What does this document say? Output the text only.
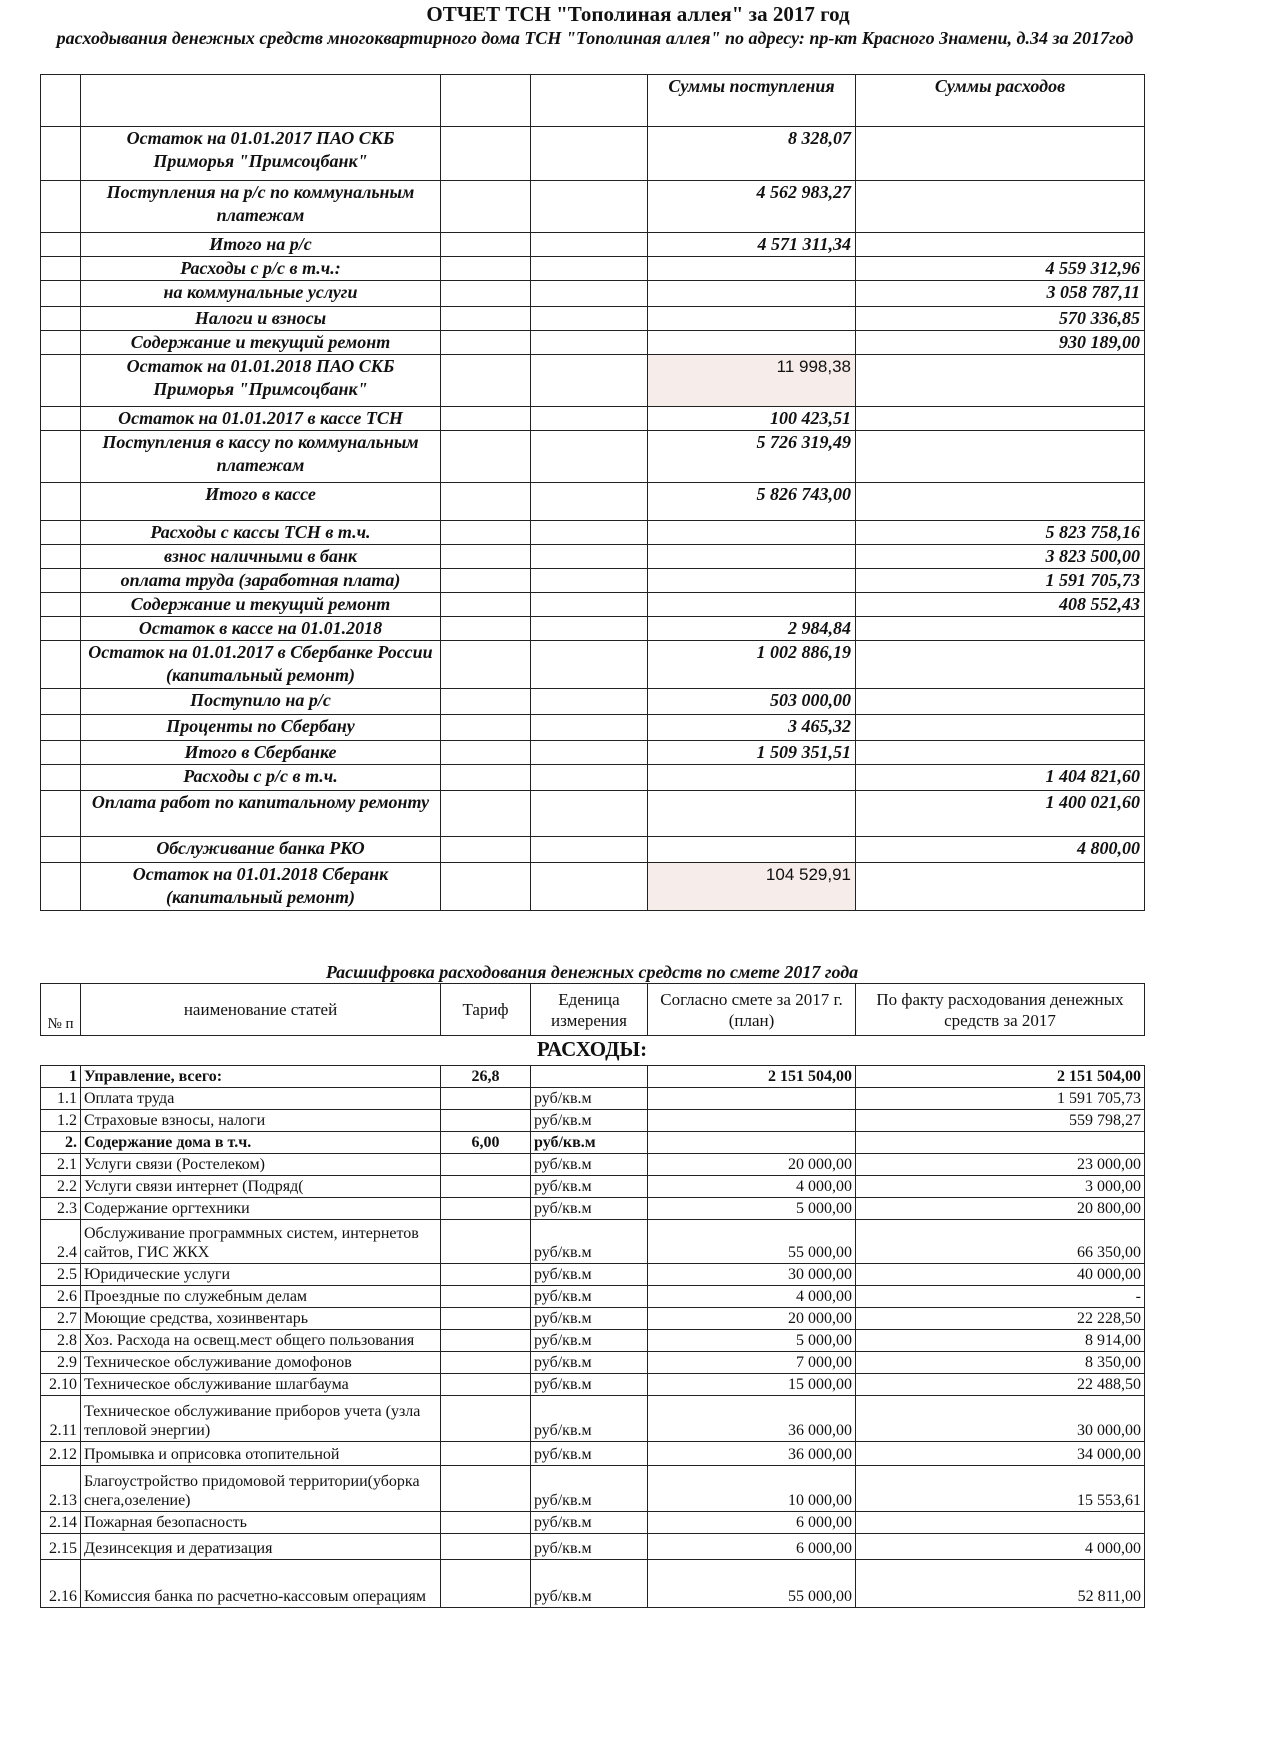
ОТЧЕТ ТСН "Тополиная аллея" за 2017 год
расходывания денежных средств многоквартирного дома ТСН "Тополиная аллея" по адресу: пр-кт Красного Знамени, д.34 за 2017год
				Суммы поступления	Суммы расходов
	Остаток на 01.01.2017 ПАО СКБ Приморья "Примсоцбанк"			8 328,07	
	Поступления на р/с по коммунальным платежам			4 562 983,27	
	Итого на р/с			4 571 311,34	
	Расходы с р/с в т.ч.:				4 559 312,96
	на коммунальные услуги				3 058 787,11
	Налоги и взносы				570 336,85
	Содержание и текущий ремонт				930 189,00
	Остаток на 01.01.2018 ПАО СКБ Приморья "Примсоцбанк"			11 998,38	
	Остаток на 01.01.2017 в кассе ТСН			100 423,51	
	Поступления в кассу по коммунальным платежам			5 726 319,49	
	Итого в кассе			5 826 743,00	
	Расходы с кассы ТСН в т.ч.				5 823 758,16
	взнос наличными в банк				3 823 500,00
	оплата труда (заработная плата)				1 591 705,73
	Содержание и текущий ремонт				408 552,43
	Остаток в кассе на 01.01.2018			2 984,84	
	Остаток на 01.01.2017 в Сбербанке России (капитальный ремонт)			1 002 886,19	
	Поступило на р/с			503 000,00	
	Проценты по Сбербану			3 465,32	
	Итого в Сбербанке			1 509 351,51	
	Расходы с р/с в т.ч.				1 404 821,60
	Оплата работ по капитальному ремонту				1 400 021,60
	Обслуживание банка РКО				4 800,00
	Остаток на 01.01.2018 Сберанк (капитальный ремонт)			104 529,91	
Расшифровка расходования денежных средств по смете 2017 года
№ п	наименование статей	Тариф	Еденица измерения	Согласно смете за 2017 г. (план)	По факту расходования денежных средств за 2017
РАСХОДЫ:
1	Управление, всего:	26,8		2 151 504,00	2 151 504,00
1.1	Оплата труда		руб/кв.м		1 591 705,73
1.2	Страховые взносы, налоги		руб/кв.м		559 798,27
2.	Содержание дома в т.ч.	6,00	руб/кв.м		
2.1	Услуги связи (Ростелеком)		руб/кв.м	20 000,00	23 000,00
2.2	Услуги связи интернет (Подряд(		руб/кв.м	4 000,00	3 000,00
2.3	Содержание оргтехники		руб/кв.м	5 000,00	20 800,00
2.4	Обслуживание программных систем, интернетов сайтов, ГИС ЖКХ		руб/кв.м	55 000,00	66 350,00
2.5	Юридические услуги		руб/кв.м	30 000,00	40 000,00
2.6	Проездные по служебным делам		руб/кв.м	4 000,00	-
2.7	Моющие средства, хозинвентарь		руб/кв.м	20 000,00	22 228,50
2.8	Хоз. Расхода на освещ.мест общего пользования		руб/кв.м	5 000,00	8 914,00
2.9	Техническое обслуживание домофонов		руб/кв.м	7 000,00	8 350,00
2.10	Техническое обслуживание шлагбаума		руб/кв.м	15 000,00	22 488,50
2.11	Техническое обслуживание приборов учета (узла тепловой энергии)		руб/кв.м	36 000,00	30 000,00
2.12	Промывка и оприсовка отопительной		руб/кв.м	36 000,00	34 000,00
2.13	Благоустройство придомовой территории(уборка снега,озеление)		руб/кв.м	10 000,00	15 553,61
2.14	Пожарная безопасность		руб/кв.м	6 000,00	
2.15	Дезинсекция и дератизация		руб/кв.м	6 000,00	4 000,00
2.16	Комиссия банка по расчетно-кассовым операциям		руб/кв.м	55 000,00	52 811,00
